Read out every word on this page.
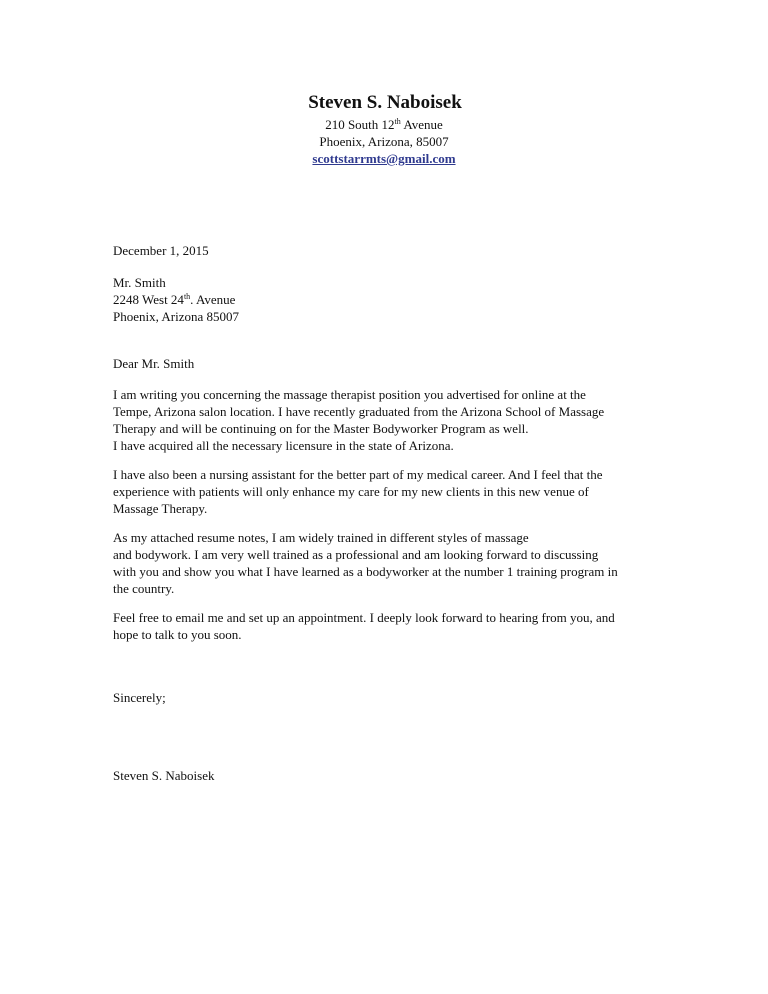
Steven S. Naboisek
210 South 12th Avenue
Phoenix, Arizona, 85007
scottstarrmts@gmail.com
December 1, 2015
Mr. Smith
2248 West 24th. Avenue
Phoenix, Arizona 85007
Dear Mr. Smith
I am writing you concerning the massage therapist position you advertised for online at the
Tempe, Arizona salon location. I have recently graduated from the Arizona School of Massage
Therapy and will be continuing on for the Master Bodyworker Program as well.
I have acquired all the necessary licensure in the state of Arizona.
I have also been a nursing assistant for the better part of my medical career. And I feel that the
experience with patients will only enhance my care for my new clients in this new venue of
Massage Therapy.
As my attached resume notes, I am widely trained in different styles of massage
and bodywork. I am very well trained as a professional and am looking forward to discussing
with you and show you what I have learned as a bodyworker at the number 1 training program in
the country.
Feel free to email me and set up an appointment. I deeply look forward to hearing from you, and
hope to talk to you soon.
Sincerely;
Steven S. Naboisek
